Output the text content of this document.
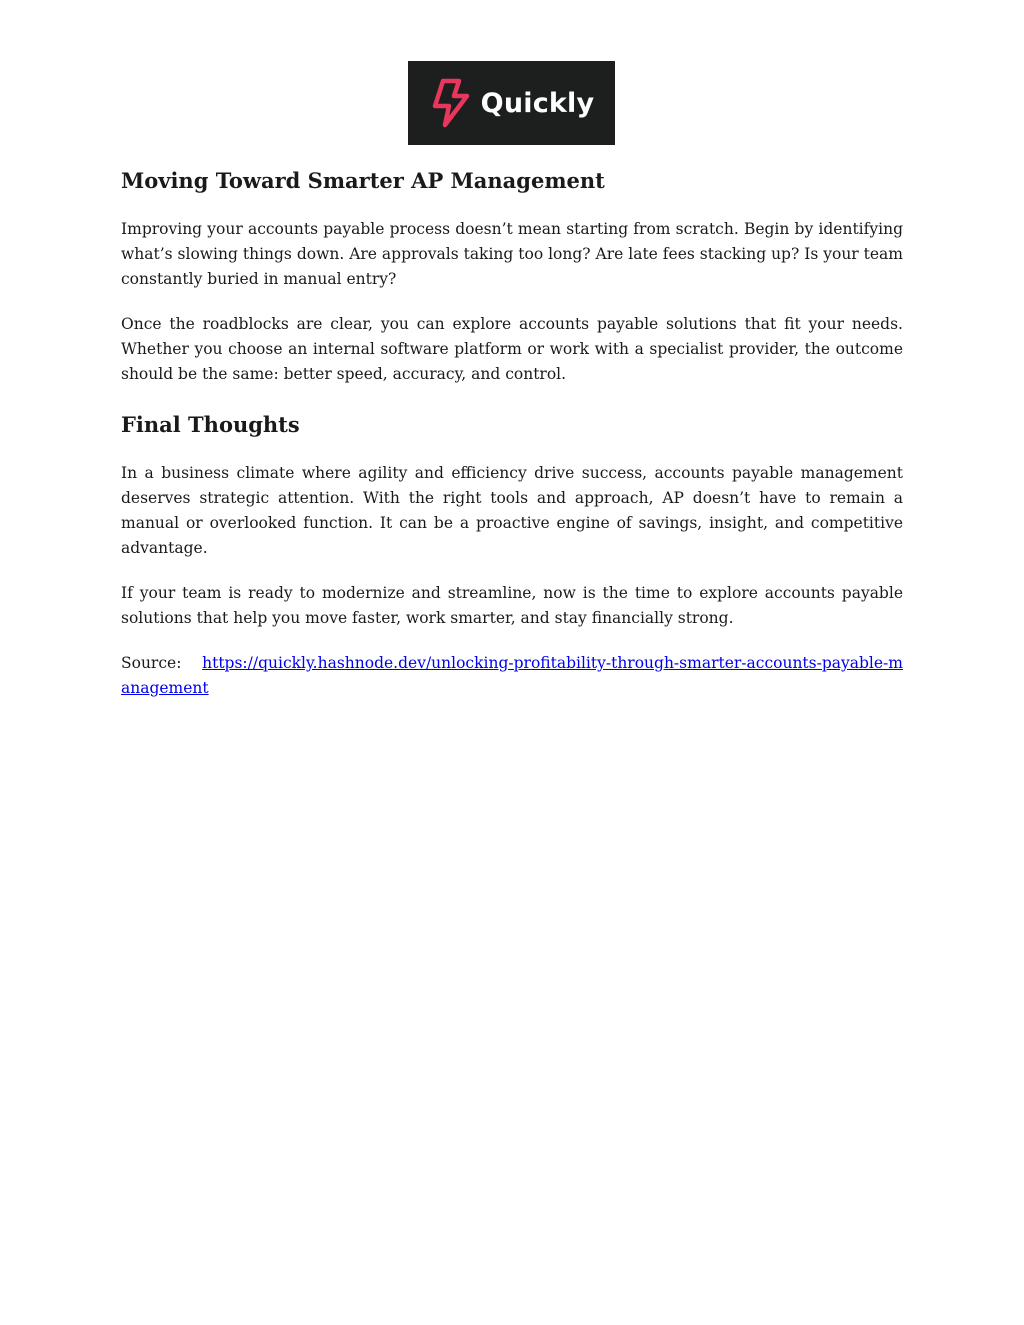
Quickly
Moving Toward Smarter AP Management

Improving your accounts payable process doesn’t mean starting from scratch. Begin by identifying what’s slowing things down. Are approvals taking too long? Are late fees stacking up? Is your team constantly buried in manual entry?

Once the roadblocks are clear, you can explore accounts payable solutions that fit your needs. Whether you choose an internal software platform or work with a specialist provider, the outcome should be the same: better speed, accuracy, and control.

Final Thoughts

In a business climate where agility and efficiency drive success, accounts payable management deserves strategic attention. With the right tools and approach, AP doesn’t have to remain a manual or overlooked function. It can be a proactive engine of savings, insight, and competitive advantage.

If your team is ready to modernize and streamline, now is the time to explore accounts payable solutions that help you move faster, work smarter, and stay financially strong.

Source: https://quickly.hashnode.dev/unlocking-profitability-through-smarter-accounts-payable-management
